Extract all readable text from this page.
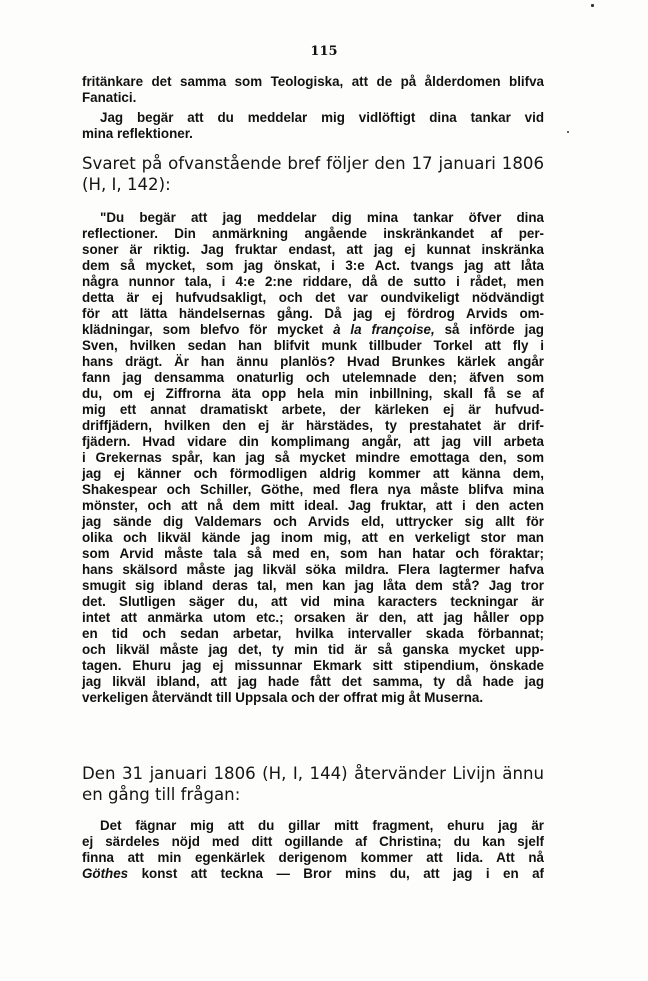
115

fritänkare det samma som Teologiska, att de på ålderdomen blifva
Fanatici.

Jag begär att du meddelar mig vidlöftigt dina tankar vid
mina reflektioner.

Svaret på ofvanstående bref följer den 17 januari 1806
(H, I, 142):

"Du begär att jag meddelar dig mina tankar öfver dina
reflectioner. Din anmärkning angående inskränkandet af per-
soner är riktig. Jag fruktar endast, att jag ej kunnat inskränka
dem så mycket, som jag önskat, i 3:e Act. tvangs jag att låta
några nunnor tala, i 4:e 2:ne riddare, då de sutto i rådet, men
detta är ej hufvudsakligt, och det var oundvikeligt nödvändigt
för att lätta händelsernas gång. Då jag ej fördrog Arvids om-
klädningar, som blefvo för mycket à la françoise, så införde jag
Sven, hvilken sedan han blifvit munk tillbuder Torkel att fly i
hans drägt. Är han ännu planlös? Hvad Brunkes kärlek angår
fann jag densamma onaturlig och utelemnade den; äfven som
du, om ej Ziffrorna äta opp hela min inbillning, skall få se af
mig ett annat dramatiskt arbete, der kärleken ej är hufvud-
driffjädern, hvilken den ej är härstädes, ty prestahatet är drif-
fjädern. Hvad vidare din komplimang angår, att jag vill arbeta
i Grekernas spår, kan jag så mycket mindre emottaga den, som
jag ej känner och förmodligen aldrig kommer att känna dem,
Shakespear och Schiller, Göthe, med flera nya måste blifva mina
mönster, och att nå dem mitt ideal. Jag fruktar, att i den acten
jag sände dig Valdemars och Arvids eld, uttrycker sig allt för
olika och likväl kände jag inom mig, att en verkeligt stor man
som Arvid måste tala så med en, som han hatar och föraktar;
hans skälsord måste jag likväl söka mildra. Flera lagtermer hafva
smugit sig ibland deras tal, men kan jag låta dem stå? Jag tror
det. Slutligen säger du, att vid mina karacters teckningar är
intet att anmärka utom etc.; orsaken är den, att jag håller opp
en tid och sedan arbetar, hvilka intervaller skada förbannat;
och likväl måste jag det, ty min tid är så ganska mycket upp-
tagen. Ehuru jag ej missunnar Ekmark sitt stipendium, önskade
jag likväl ibland, att jag hade fått det samma, ty då hade jag
verkeligen återvändt till Uppsala och der offrat mig åt Muserna.

Den 31 januari 1806 (H, I, 144) återvänder Livijn ännu
en gång till frågan:

Det fägnar mig att du gillar mitt fragment, ehuru jag är
ej särdeles nöjd med ditt ogillande af Christina; du kan sjelf
finna att min egenkärlek derigenom kommer att lida. Att nå
Göthes konst att teckna — Bror mins du, att jag i en af
